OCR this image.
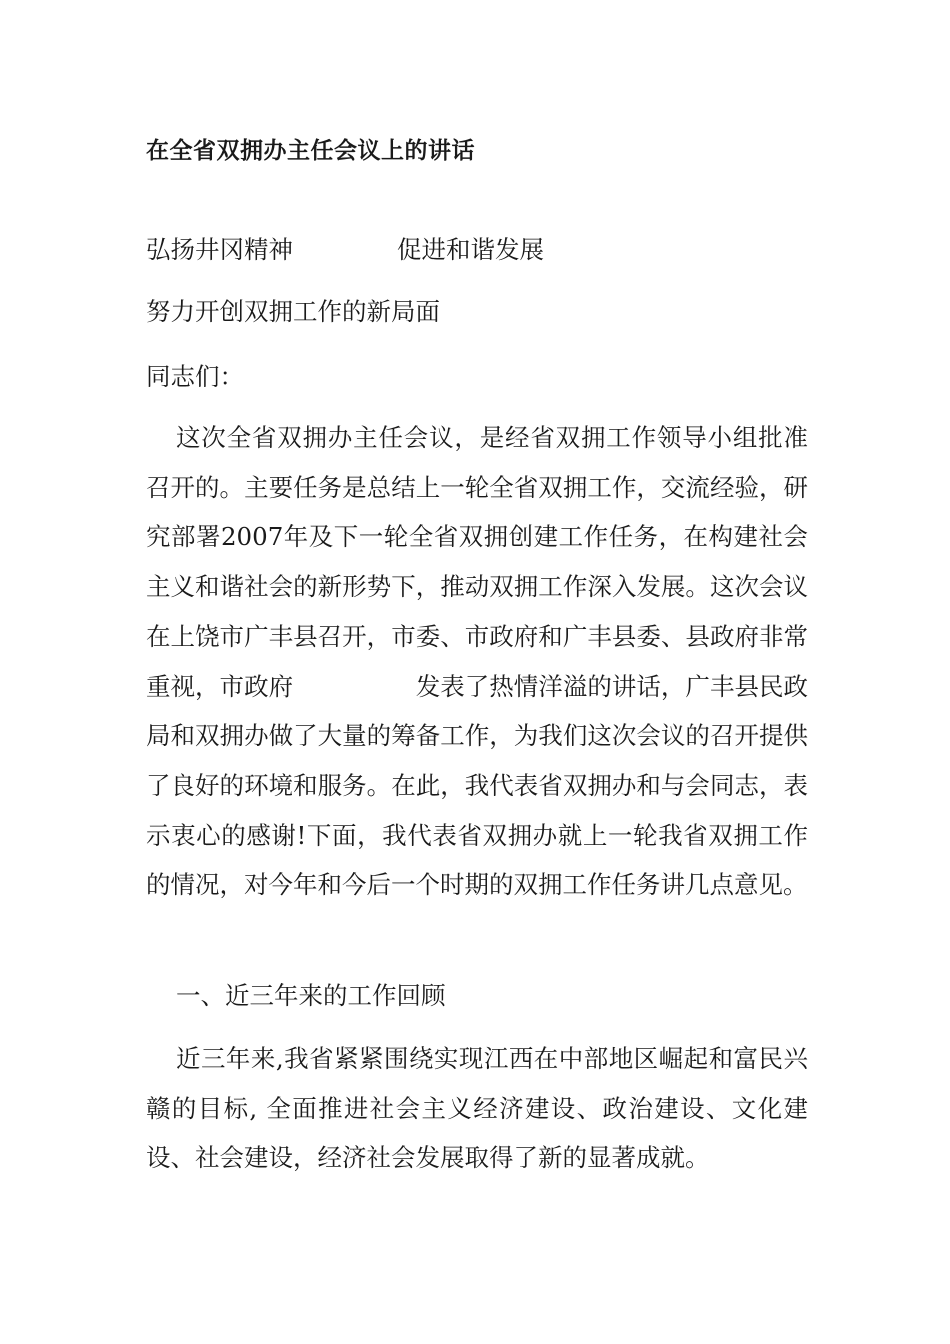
在全省双拥办主任会议上的讲话

弘扬井冈精神	促进和谐发展

努力开创双拥工作的新局面

同志们：

这次全省双拥办主任会议，是经省双拥工作领导小组批准召开的。主要任务是总结上一轮全省双拥工作，交流经验，研究部署2007年及下一轮全省双拥创建工作任务，在构建社会主义和谐社会的新形势下，推动双拥工作深入发展。这次会议在上饶市广丰县召开，市委、市政府和广丰县委、县政府非常重视，市政府　　　　　发表了热情洋溢的讲话，广丰县民政局和双拥办做了大量的筹备工作，为我们这次会议的召开提供了良好的环境和服务。在此，我代表省双拥办和与会同志，表示衷心的感谢!下面，我代表省双拥办就上一轮我省双拥工作的情况，对今年和今后一个时期的双拥工作任务讲几点意见。

一、近三年来的工作回顾

近三年来,我省紧紧围绕实现江西在中部地区崛起和富民兴赣的目标, 全面推进社会主义经济建设、政治建设、文化建设、社会建设，经济社会发展取得了新的显著成就。
